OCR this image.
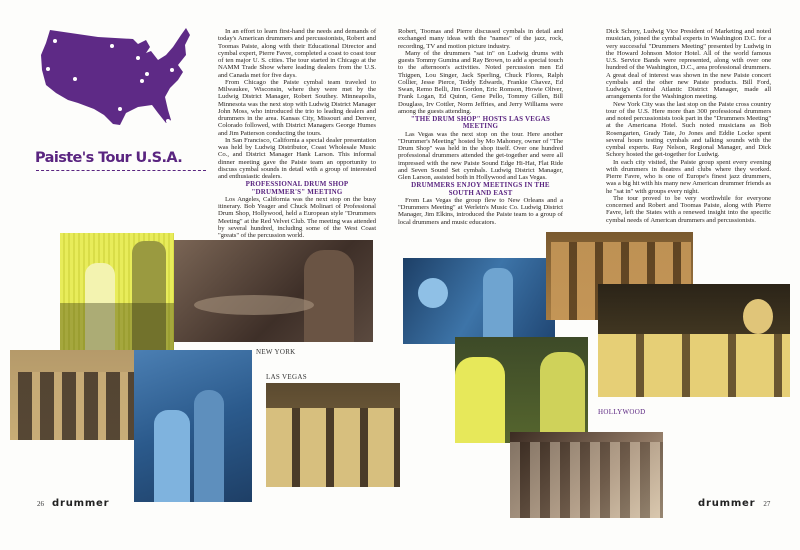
Paiste's Tour U.S.A.

In an effort to learn first-hand the needs and demands of today's American drummers and percussionists, Robert and Toomas Paiste, along with their Educational Director and cymbal expert, Pierre Favre, completed a coast to coast tour of ten major U. S. cities. The tour started in Chicago at the NAMM Trade Show where leading dealers from the U.S. and Canada met for five days.

From Chicago the Paiste cymbal team traveled to Milwaukee, Wisconsin, where they were met by the Ludwig District Manager, Robert Southey. Minneapolis, Minnesota was the next stop with Ludwig District Manager John Moss, who introduced the trio to leading dealers and drummers in the area. Kansas City, Missouri and Denver, Colorado followed, with District Managers George Humes and Jim Patterson conducting the tours.

In San Francisco, California a special dealer presentation was held by Ludwig Distributor, Coast Wholesale Music Co., and District Manager Hank Larson. This informal dinner meeting gave the Paiste team an opportunity to discuss cymbal sounds in detail with a group of interested and enthusiastic dealers.

PROFESSIONAL DRUM SHOP "DRUMMER'S" MEETING

Los Angeles, California was the next stop on the busy itinerary. Bob Yeager and Chuck Molinari of Professional Drum Shop, Hollywood, held a European style "Drummers Meeting" at the Red Velvet Club. The meeting was attended by several hundred, including some of the West Coast "greats" of the percussion world.

NEW YORK
LAS VEGAS
26 drummer

Robert, Toomas and Pierre discussed cymbals in detail and exchanged many ideas with the "names" of the jazz, rock, recording, TV and motion picture industry.

Many of the drummers "sat in" on Ludwig drums with guests Tommy Gumina and Ray Brown, to add a special touch to the afternoon's activities. Noted percussion men Ed Thigpen, Lou Singer, Jack Sperling, Chuck Flores, Ralph Collier, Jesse Pierce, Teddy Edwards, Frankie Chavez, Ed Swan, Remo Belli, Jim Gordon, Eric Romson, Howie Oliver, Frank Logan, Ed Quinn, Gene Pello, Tommy Gillen, Bill Douglass, Irv Cottler, Norm Jeffries, and Jerry Williams were among the guests attending.

"THE DRUM SHOP" HOSTS LAS VEGAS MEETING

Las Vegas was the next stop on the tour. Here another "Drummer's Meeting" hosted by Mo Mahoney, owner of "The Drum Shop" was held in the shop itself. Over one hundred professional drummers attended the get-together and were all impressed with the new Paiste Sound Edge Hi-Hat, Flat Ride and Seven Sound Set cymbals. Ludwig District Manager, Glen Larson, assisted both in Hollywood and Las Vegas.

DRUMMERS ENJOY MEETINGS IN THE SOUTH AND EAST

From Las Vegas the group flew to New Orleans and a "Drummers Meeting" at Werlein's Music Co. Ludwig District Manager, Jim Elkins, introduced the Paiste team to a group of local drummers and music educators.

Dick Schory, Ludwig Vice President of Marketing and noted musician, joined the cymbal experts in Washington D.C. for a very successful "Drummers Meeting" presented by Ludwig in the Howard Johnson Motor Hotel. All of the world famous U.S. Service Bands were represented, along with over one hundred of the Washington, D.C., area professional drummers. A great deal of interest was shown in the new Paiste concert cymbals and the other new Paiste products. Bill Ford, Ludwig's Central Atlantic District Manager, made all arrangements for the Washington meeting.

New York City was the last stop on the Paiste cross country tour of the U.S. Here more than 300 professional drummers and noted percussionists took part in the "Drummers Meeting" at the Americana Hotel. Such noted musicians as Bob Rosengarten, Grady Tate, Jo Jones and Eddie Locke spent several hours testing cymbals and talking sounds with the cymbal experts. Ray Nelson, Regional Manager, and Dick Schory hosted the get-together for Ludwig.

In each city visited, the Paiste group spent every evening with drummers in theatres and clubs where they worked. Pierre Favre, who is one of Europe's finest jazz drummers, was a big hit with his many new American drummer friends as he "sat in" with groups every night.

The tour proved to be very worthwhile for everyone concerned and Robert and Toomas Paiste, along with Pierre Favre, left the States with a renewed insight into the specific cymbal needs of American drummers and percussionists.

HOLLYWOOD
drummer 27
